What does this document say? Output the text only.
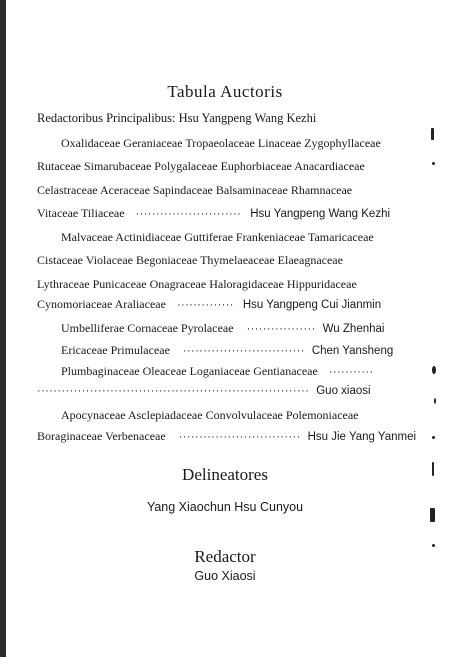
Tabula Auctoris
Redactoribus Principalibus: Hsu Yangpeng Wang Kezhi
Oxalidaceae Geraniaceae Tropaeolaceae Linaceae Zygophyllaceae
Rutaceae Simarubaceae Polygalaceae Euphorbiaceae Anacardiaceae
Celastraceae Aceraceae Sapindaceae Balsaminaceae Rhamnaceae
Vitaceae Tiliaceae ·························· Hsu Yangpeng Wang Kezhi
Malvaceae Actinidiaceae Guttiferae Frankeniaceae Tamaricaceae
Cistaceae Violaceae Begoniaceae Thymelaeaceae Elaeagnaceae
Lythraceae Punicaceae Onagraceae Haloragidaceae Hippuridaceae
Cynomoriaceae Araliaceae ·············· Hsu Yangpeng Cui Jianmin
Umbelliferae Cornaceae Pyrolaceae ················· Wu Zhenhai
Ericaceae Primulaceae ······························ Chen Yansheng
Plumbaginaceae Oleaceae Loganiaceae Gentianaceae ···········
··································································· Guo xiaosi
Apocynaceae Asclepiadaceae Convolvulaceae Polemoniaceae
Boraginaceae Verbenaceae ······························ Hsu Jie Yang Yanmei
Delineatores
Yang Xiaochun Hsu Cunyou
Redactor
Guo Xiaosi
